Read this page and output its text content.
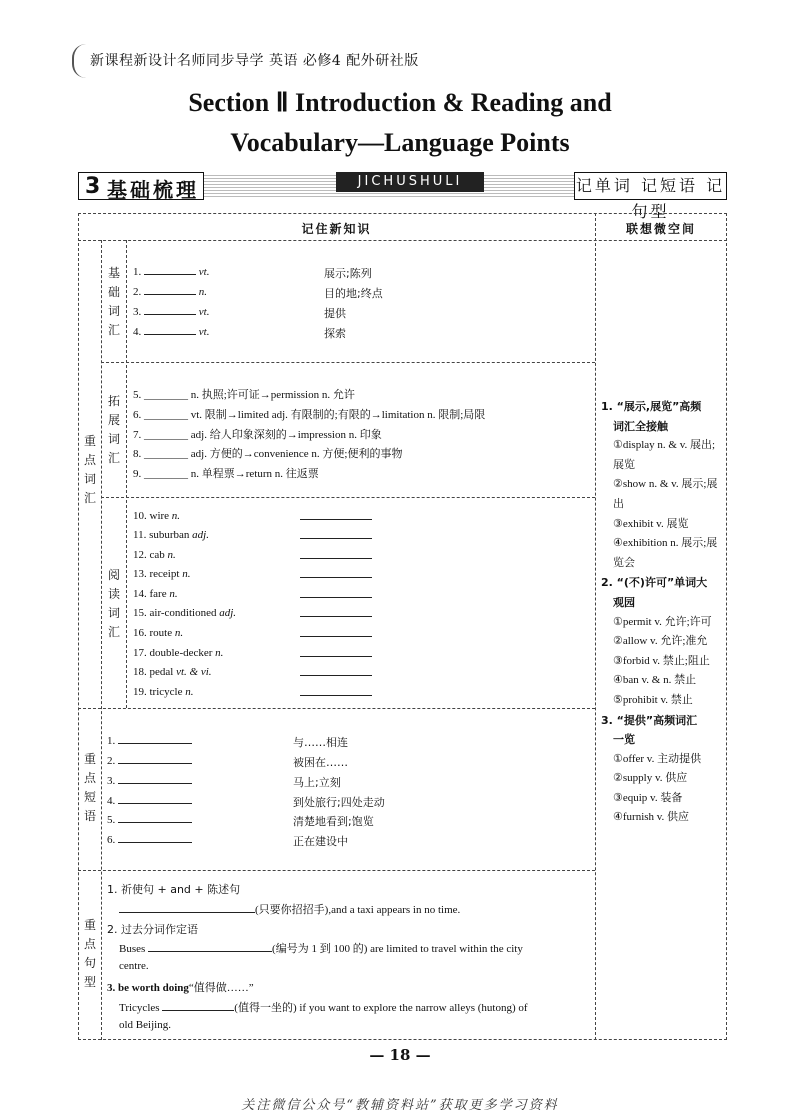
新课程新设计名师同步导学 英语 必修4 配外研社版
Section Ⅱ Introduction & Reading and
Vocabulary—Language Points
3 基础梳理	JICHUSHULI	记单词 记短语 记句型
记住新知识	联想微空间
重点词汇
基础词汇
拓展词汇
阅读词汇
重点短语
重点句型
1.	vt.	展示;陈列
2.	n.	目的地;终点
3.	vt.	提供
4.	vt.	探索
5. ________ n. 执照;许可证→permission n. 允许
6. ________ vt. 限制→limited adj. 有限制的;有限的→limitation n. 限制;局限
7. ________ adj. 给人印象深刻的→impression n. 印象
8. ________ adj. 方便的→convenience n. 方便;便利的事物
9. ________ n. 单程票→return n. 往返票
10. wire n.
11. suburban adj.
12. cab n.
13. receipt n.
14. fare n.
15. air-conditioned adj.
16. route n.
17. double-decker n.
18. pedal vt. & vi.
19. tricycle n.
1.	与……相连
2.	被困在……
3.	马上;立刻
4.	到处旅行;四处走动
5.	清楚地看到;饱览
6.	正在建设中
1. 祈使句 + and + 陈述句
(只要你招招手),and a taxi appears in no time.
2. 过去分词作定语
Buses	(编号为 1 到 100 的) are limited to travel within the city
centre.
3. be worth doing“值得做……”
Tricycles	(值得一坐的) if you want to explore the narrow alleys (hutong) of
old Beijing.
1. “展示,展览”高频
词汇全接触
①display n. & v. 展出;展览
②show n. & v. 展示;展出
③exhibit v. 展览
④exhibition n. 展示;展览会
2. “(不)许可”单词大
观园
①permit v. 允许;许可
②allow v. 允许;准允
③forbid v. 禁止;阻止
④ban v. & n. 禁止
⑤prohibit v. 禁止
3. “提供”高频词汇
一览
①offer v. 主动提供
②supply v. 供应
③equip v. 装备
④furnish v. 供应
— 18 —
关注微信公众号“教辅资料站”获取更多学习资料
